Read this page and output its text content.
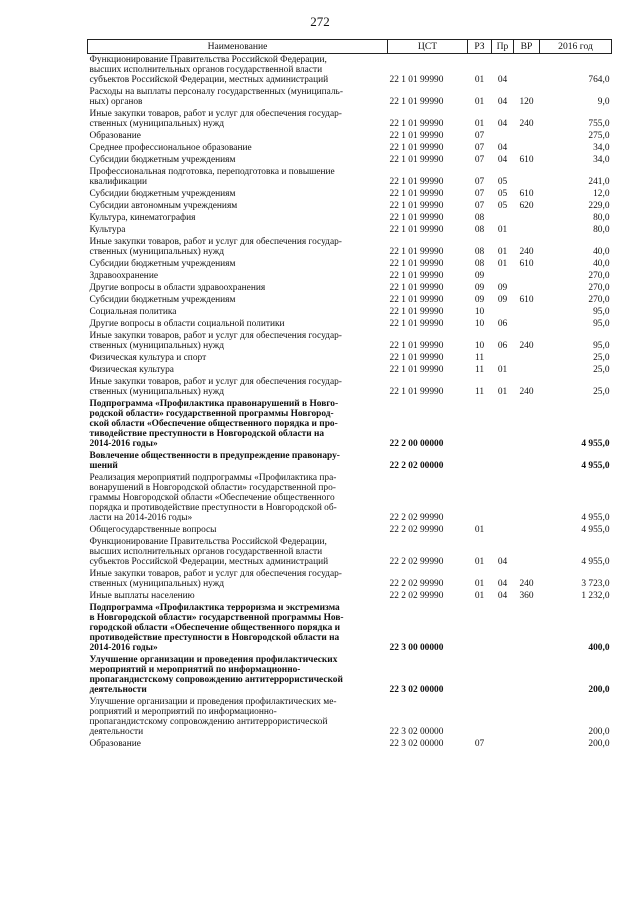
272
Наименование	ЦСТ	РЗ	Пр	ВР	2016 год
Функционирование Правительства Российской Федерации,
высших исполнительных органов государственной власти
субъектов Российской Федерации, местных администраций	22 1 01 99990	01	04		764,0
Расходы на выплаты персоналу государственных (муниципаль-
ных) органов	22 1 01 99990	01	04	120	9,0
Иные закупки товаров, работ и услуг для обеспечения государ-
ственных (муниципальных) нужд	22 1 01 99990	01	04	240	755,0
Образование	22 1 01 99990	07			275,0
Среднее профессиональное образование	22 1 01 99990	07	04		34,0
Субсидии бюджетным учреждениям	22 1 01 99990	07	04	610	34,0
Профессиональная подготовка, переподготовка и повышение
квалификации	22 1 01 99990	07	05		241,0
Субсидии бюджетным учреждениям	22 1 01 99990	07	05	610	12,0
Субсидии автономным учреждениям	22 1 01 99990	07	05	620	229,0
Культура, кинематография	22 1 01 99990	08			80,0
Культура	22 1 01 99990	08	01		80,0
Иные закупки товаров, работ и услуг для обеспечения государ-
ственных (муниципальных) нужд	22 1 01 99990	08	01	240	40,0
Субсидии бюджетным учреждениям	22 1 01 99990	08	01	610	40,0
Здравоохранение	22 1 01 99990	09			270,0
Другие вопросы в области здравоохранения	22 1 01 99990	09	09		270,0
Субсидии бюджетным учреждениям	22 1 01 99990	09	09	610	270,0
Социальная политика	22 1 01 99990	10			95,0
Другие вопросы в области социальной политики	22 1 01 99990	10	06		95,0
Иные закупки товаров, работ и услуг для обеспечения государ-
ственных (муниципальных) нужд	22 1 01 99990	10	06	240	95,0
Физическая культура и спорт	22 1 01 99990	11			25,0
Физическая культура	22 1 01 99990	11	01		25,0
Иные закупки товаров, работ и услуг для обеспечения государ-
ственных (муниципальных) нужд	22 1 01 99990	11	01	240	25,0
Подпрограмма «Профилактика правонарушений в Новго-
родской области» государственной программы Новгород-
ской области «Обеспечение общественного порядка и про-
тиводействие преступности в Новгородской области на
2014-2016 годы»	22 2 00 00000				4 955,0
Вовлечение общественности в предупреждение правонару-
шений	22 2 02 00000				4 955,0
Реализация мероприятий подпрограммы «Профилактика пра-
вонарушений в Новгородской области» государственной про-
граммы Новгородской области «Обеспечение общественного
порядка и противодействие преступности в Новгородской об-
ласти на 2014-2016 годы»	22 2 02 99990				4 955,0
Общегосударственные вопросы	22 2 02 99990	01			4 955,0
Функционирование Правительства Российской Федерации,
высших исполнительных органов государственной власти
субъектов Российской Федерации, местных администраций	22 2 02 99990	01	04		4 955,0
Иные закупки товаров, работ и услуг для обеспечения государ-
ственных (муниципальных) нужд	22 2 02 99990	01	04	240	3 723,0
Иные выплаты населению	22 2 02 99990	01	04	360	1 232,0
Подпрограмма «Профилактика терроризма и экстремизма
в Новгородской области» государственной программы Нов-
городской области «Обеспечение общественного порядка и
противодействие преступности в Новгородской области на
2014-2016 годы»	22 3 00 00000				400,0
Улучшение организации и проведения профилактических
мероприятий и мероприятий по информационно-
пропагандистскому сопровождению антитеррористической
деятельности	22 3 02 00000				200,0
Улучшение организации и проведения профилактических ме-
роприятий и мероприятий по информационно-
пропагандистскому сопровождению антитеррористической
деятельности	22 3 02 00000				200,0
Образование	22 3 02 00000	07			200,0
